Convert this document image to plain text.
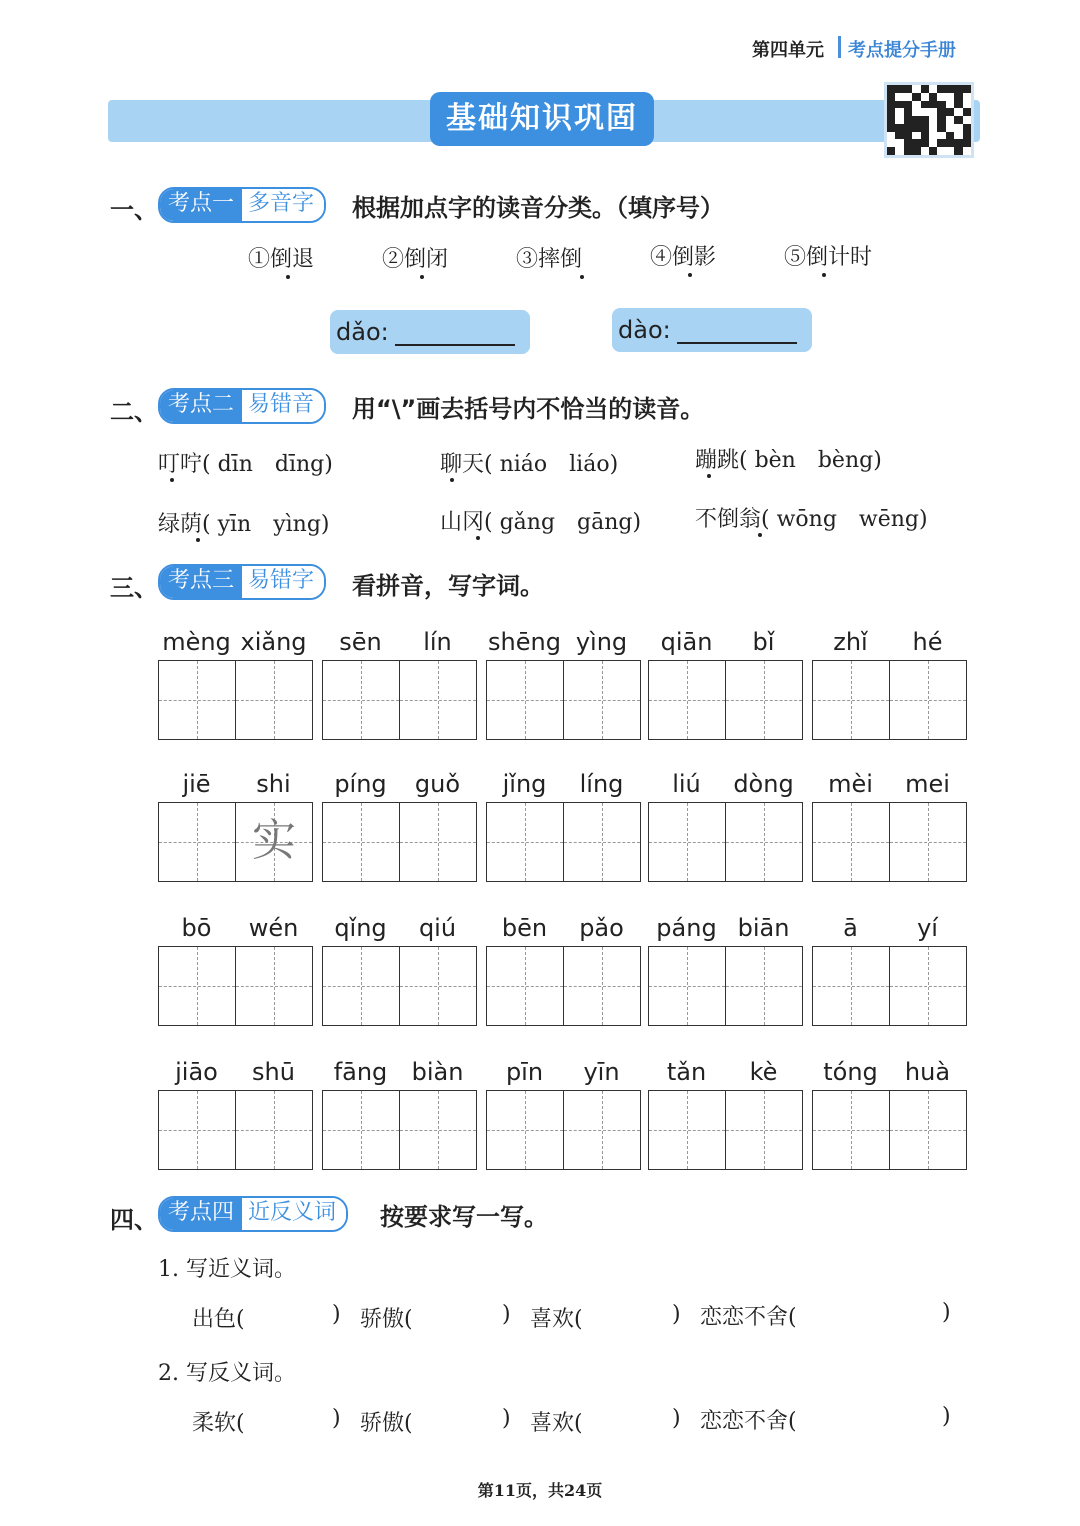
第四单元 考点提分手册
基础知识巩固
一、 考点一 多音字	根据加点字的读音分类。（填序号）
①倒退	②倒闭	③摔倒	④倒影	⑤倒计时
dǎo:	dào:
二、 考点二 易错音	用“\”画去括号内不恰当的读音。
叮咛( dīn　dīng)	聊天( niáo　liáo)	蹦跳( bèn　bèng)
绿荫( yīn　yìng)	山冈( gǎng　gāng) 不倒翁( wōng　wēng)
三、 考点三 易错字	看拼音，写字词。
mèng xiǎng	sēn	lín	shēng yìng	qiān	bǐ	zhǐ	hé
jiē	shi
实
píng	guǒ	jǐng	líng	liú	dòng	mèi	mei
bō	wén	qǐng	qiú	bēn	pǎo	páng biān	ā	yí
jiāo	shū	fāng	biàn	pīn	yīn	tǎn	kè	tóng	huà
四、 考点四 近反义词	按要求写一写。
1. 写近义词。
出色(	) 骄傲(	) 喜欢(	) 恋恋不舍(	)
2. 写反义词。
柔软(	) 骄傲(	) 喜欢(	) 恋恋不舍(	)
第11页，共24页
